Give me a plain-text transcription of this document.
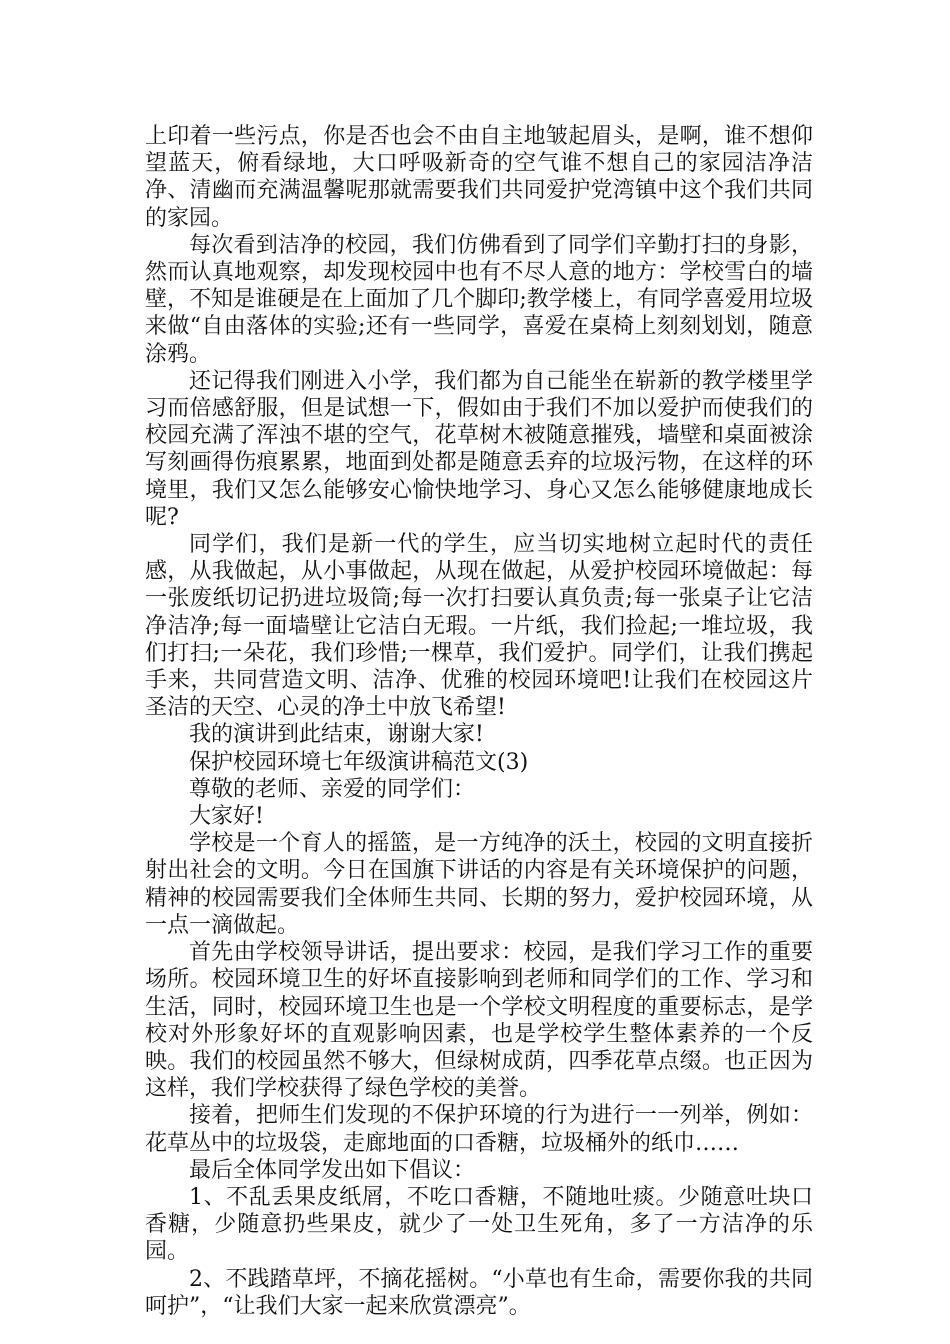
上印着一些污点，你是否也会不由自主地皱起眉头，是啊，谁不想仰望蓝天，俯看绿地，大口呼吸新奇的空气谁不想自己的家园洁净洁净、清幽而充满温馨呢那就需要我们共同爱护党湾镇中这个我们共同的家园。

每次看到洁净的校园，我们仿佛看到了同学们辛勤打扫的身影，然而认真地观察，却发现校园中也有不尽人意的地方：学校雪白的墙壁，不知是谁硬是在上面加了几个脚印;教学楼上，有同学喜爱用垃圾来做“自由落体的实验;还有一些同学，喜爱在桌椅上刻刻划划，随意涂鸦。

还记得我们刚进入小学，我们都为自己能坐在崭新的教学楼里学习而倍感舒服，但是试想一下，假如由于我们不加以爱护而使我们的校园充满了浑浊不堪的空气，花草树木被随意摧残，墙壁和桌面被涂写刻画得伤痕累累，地面到处都是随意丢弃的垃圾污物，在这样的环境里，我们又怎么能够安心愉快地学习、身心又怎么能够健康地成长呢?

同学们，我们是新一代的学生，应当切实地树立起时代的责任感，从我做起，从小事做起，从现在做起，从爱护校园环境做起：每一张废纸切记扔进垃圾筒;每一次打扫要认真负责;每一张桌子让它洁净洁净;每一面墙壁让它洁白无瑕。一片纸，我们捡起;一堆垃圾，我们打扫;一朵花，我们珍惜;一棵草，我们爱护。同学们，让我们携起手来，共同营造文明、洁净、优雅的校园环境吧!让我们在校园这片圣洁的天空、心灵的净土中放飞希望!

我的演讲到此结束，谢谢大家!

保护校园环境七年级演讲稿范文(3)

尊敬的老师、亲爱的同学们：

大家好!

学校是一个育人的摇篮，是一方纯净的沃土，校园的文明直接折射出社会的文明。今日在国旗下讲话的内容是有关环境保护的问题，精神的校园需要我们全体师生共同、长期的努力，爱护校园环境，从一点一滴做起。

首先由学校领导讲话，提出要求：校园，是我们学习工作的重要场所。校园环境卫生的好坏直接影响到老师和同学们的工作、学习和生活，同时，校园环境卫生也是一个学校文明程度的重要标志，是学校对外形象好坏的直观影响因素，也是学校学生整体素养的一个反映。我们的校园虽然不够大，但绿树成荫，四季花草点缀。也正因为这样，我们学校获得了绿色学校的美誉。

接着，把师生们发现的不保护环境的行为进行一一列举，例如：花草丛中的垃圾袋，走廊地面的口香糖，垃圾桶外的纸巾……

最后全体同学发出如下倡议：

1、不乱丢果皮纸屑，不吃口香糖，不随地吐痰。少随意吐块口香糖，少随意扔些果皮，就少了一处卫生死角，多了一方洁净的乐园。

2、不践踏草坪，不摘花摇树。“小草也有生命，需要你我的共同呵护”，“让我们大家一起来欣赏漂亮”。
